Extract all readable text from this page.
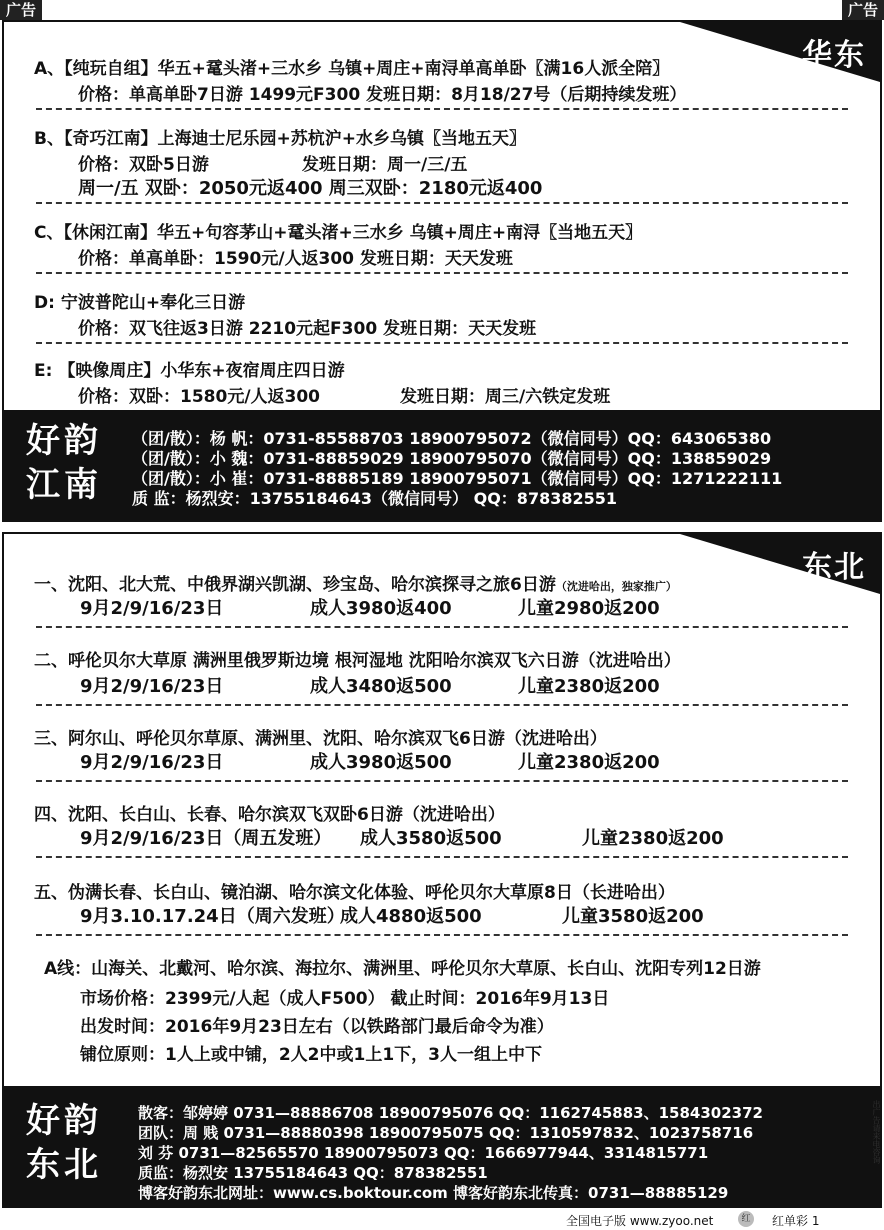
广告	广告
华东
A、【纯玩自组】华五+鼋头渚+三水乡 乌镇+周庄+南浔单高单卧〖满16人派全陪〗
价格：单高单卧7日游 1499元F300 发班日期：8月18/27号（后期持续发班）
B、【奇巧江南】上海迪士尼乐园+苏杭沪+水乡乌镇〖当地五天〗
价格：双卧5日游	发班日期：周一/三/五
周一/五 双卧：2050元返400 周三双卧：2180元返400
C、【休闲江南】华五+句容茅山+鼋头渚+三水乡 乌镇+周庄+南浔〖当地五天〗
价格：单高单卧：1590元/人返300 发班日期：天天发班
D: 宁波普陀山+奉化三日游
价格：双飞往返3日游 2210元起F300 发班日期：天天发班
E: 【映像周庄】小华东+夜宿周庄四日游
价格：双卧：1580元/人返300	发班日期：周三/六铁定发班
好韵
江南
（团/散）：杨 帆：0731-85588703 18900795072（微信同号）QQ：643065380
（团/散）：小 魏：0731-88859029 18900795070（微信同号）QQ：138859029
（团/散）：小 崔：0731-88885189 18900795071（微信同号）QQ：1271222111
质 监：杨烈安：13755184643（微信同号） QQ：878382551
东北
一、沈阳、北大荒、中俄界湖兴凯湖、珍宝岛、哈尔滨探寻之旅6日游（沈进哈出，独家推广）
9月2/9/16/23日	成人3980返400	儿童2980返200
二、呼伦贝尔大草原 满洲里俄罗斯边境 根河湿地 沈阳哈尔滨双飞六日游（沈进哈出）
9月2/9/16/23日	成人3480返500	儿童2380返200
三、阿尔山、呼伦贝尔草原、满洲里、沈阳、哈尔滨双飞6日游（沈进哈出）
9月2/9/16/23日	成人3980返500	儿童2380返200
四、沈阳、长白山、长春、哈尔滨双飞双卧6日游（沈进哈出）
9月2/9/16/23日（周五发班） 成人3580返500	儿童2380返200
五、伪满长春、长白山、镜泊湖、哈尔滨文化体验、呼伦贝尔大草原8日（长进哈出）
9月3.10.17.24日（周六发班）
成人4880返500	儿童3580返200
A线：山海关、北戴河、哈尔滨、海拉尔、满洲里、呼伦贝尔大草原、长白山、沈阳专列12日游
市场价格：2399元/人起（成人F500） 截止时间：2016年9月13日
出发时间：2016年9月23日左右（以铁路部门最后命令为准）
铺位原则：1人上或中铺，2人2中或1上1下，3人一组上中下
好韵
东北
散客：邹婷婷 0731—88886708 18900795076 QQ：1162745883、1584302372
团队：周 贱 0731—88880398 18900795075 QQ：1310597832、1023758716
刘 芬 0731—82565570 18900795073 QQ：1666977944、3314815771
质监：杨烈安 13755184643 QQ：878382551
博客好韵东北网址：www.cs.boktour.com 博客好韵东北传真：0731—88885129
全国电子版 www.zyoo.net	红 红单彩 1
出广告请来电咨询
